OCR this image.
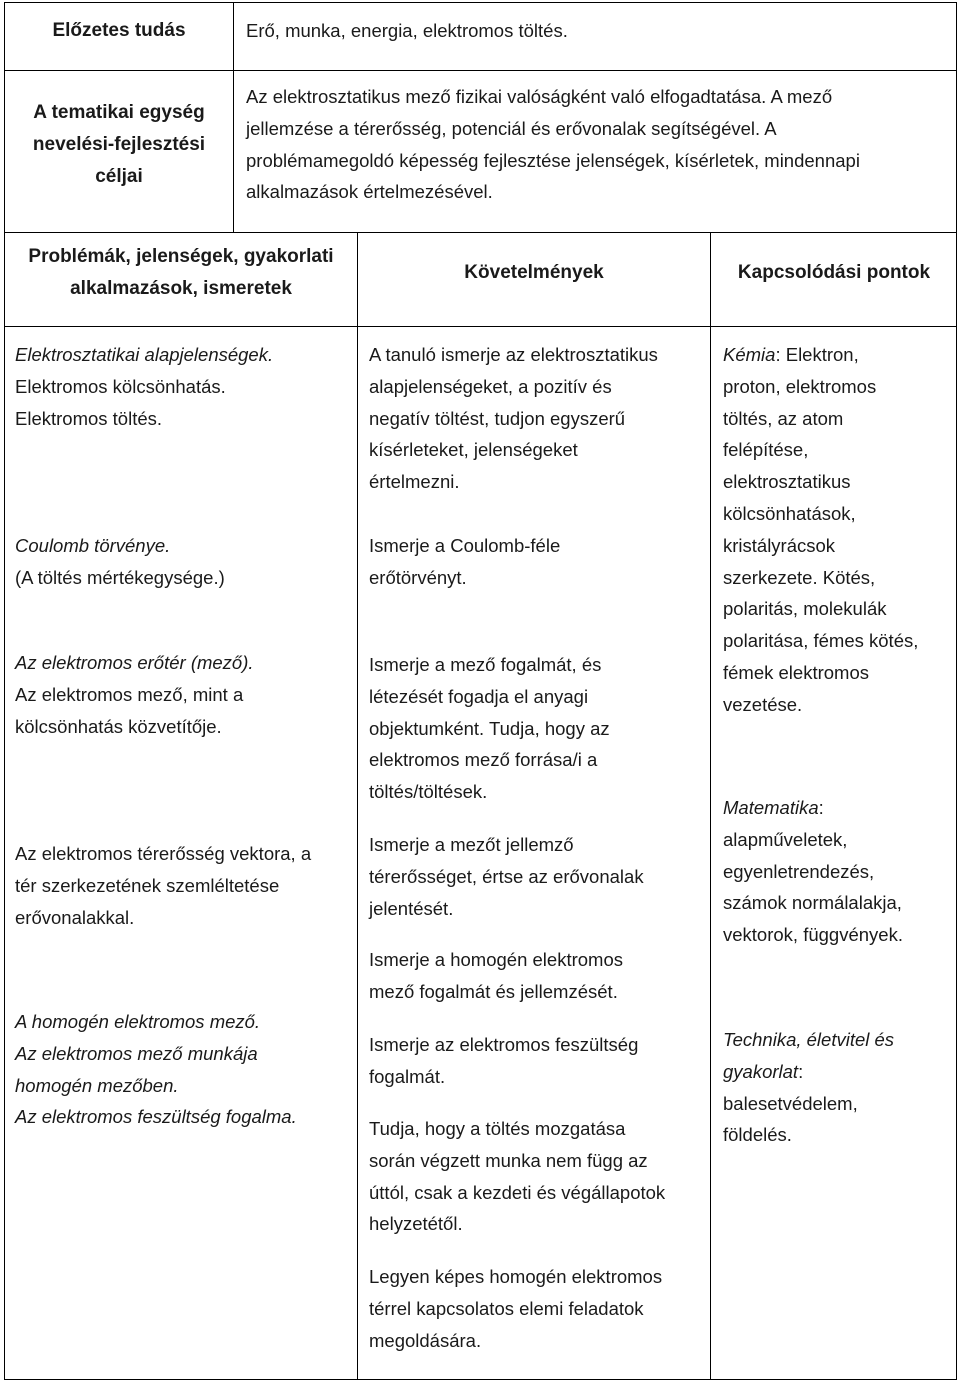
Előzetes tudás	Erő, munka, energia, elektromos töltés.

A tematikai egység

nevelési-fejlesztési

céljai

Az elektrosztatikus mező fizikai valóságként való elfogadtatása. A mező

jellemzése a térerősség, potenciál és erővonalak segítségével. A

problémamegoldó képesség fejlesztése jelenségek, kísérletek, mindennapi

alkalmazások értelmezésével.

Problémák, jelenségek, gyakorlati

alkalmazások, ismeretek

Követelmények	Kapcsolódási pontok

Elektrosztatikai alapjelenségek.

Elektromos kölcsönhatás.

Elektromos töltés.

Coulomb törvénye.

(A töltés mértékegysége.)

Az elektromos erőtér (mező).

Az elektromos mező, mint a

kölcsönhatás közvetítője.

Az elektromos térerősség vektora, a

tér szerkezetének szemléltetése

erővonalakkal.

A homogén elektromos mező.

Az elektromos mező munkája

homogén mezőben.

Az elektromos feszültség fogalma.

A tanuló ismerje az elektrosztatikus

alapjelenségeket, a pozitív és

negatív töltést, tudjon egyszerű

kísérleteket, jelenségeket

értelmezni.

Ismerje a Coulomb-féle

erőtörvényt.

Ismerje a mező fogalmát, és

létezését fogadja el anyagi

objektumként. Tudja, hogy az

elektromos mező forrása/i a

töltés/töltések.

Ismerje a mezőt jellemző

térerősséget, értse az erővonalak

jelentését.

Ismerje a homogén elektromos

mező fogalmát és jellemzését.

Ismerje az elektromos feszültség

fogalmát.

Tudja, hogy a töltés mozgatása

során végzett munka nem függ az

úttól, csak a kezdeti és végállapotok

helyzetétől.

Legyen képes homogén elektromos

térrel kapcsolatos elemi feladatok

megoldására.

Kémia: Elektron,

proton, elektromos

töltés, az atom

felépítése,

elektrosztatikus

kölcsönhatások,

kristályrácsok

szerkezete. Kötés,

polaritás, molekulák

polaritása, fémes kötés,

fémek elektromos

vezetése.

Matematika:

alapműveletek,

egyenletrendezés,

számok normálalakja,

vektorok, függvények.

Technika, életvitel és

gyakorlat:

balesetvédelem,

földelés.
